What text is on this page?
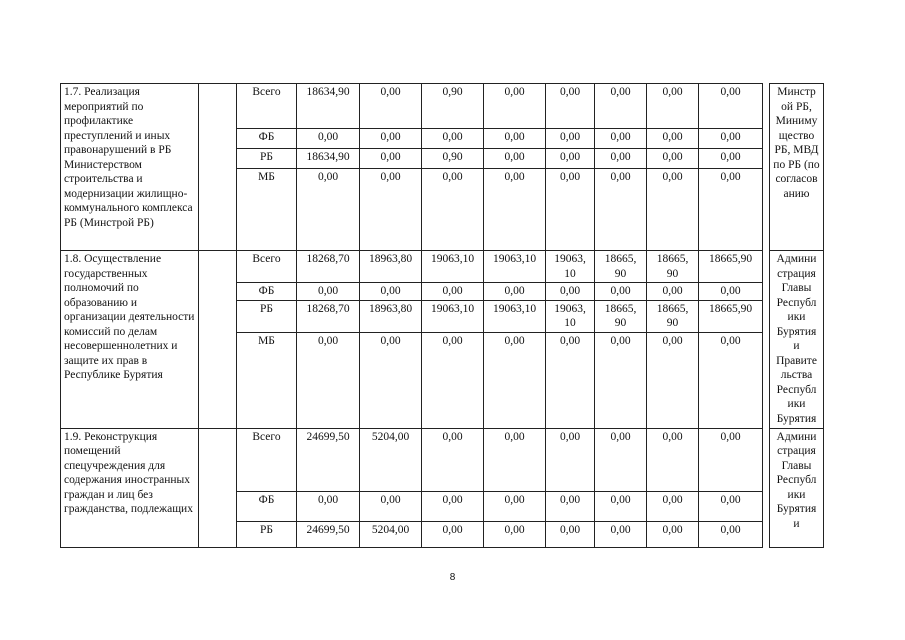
1.7. Реализация мероприятий по профилактике преступлений и иных правонарушений в РБ Министерством строительства и модернизации жилищно-коммунального комплекса РБ (Минстрой РБ)		Всего	18634,90	0,00	0,90	0,00	0,00	0,00	0,00	0,00		Минстр ой РБ, Миниму щество РБ, МВД по РБ (по согласов анию
		ФБ	0,00	0,00	0,00	0,00	0,00	0,00	0,00	0,00		
		РБ	18634,90	0,00	0,90	0,00	0,00	0,00	0,00	0,00		
		МБ	0,00	0,00	0,00	0,00	0,00	0,00	0,00	0,00		
1.8. Осуществление государственных полномочий по образованию и организации деятельности комиссий по делам несовершеннолетних и защите их прав в Республике Бурятия		Всего	18268,70	18963,80	19063,10	19063,10	19063, 10	18665, 90	18665, 90	18665,90		Админи страция Главы Республ ики Бурятия и Правите льства Республ ики Бурятия
		ФБ	0,00	0,00	0,00	0,00	0,00	0,00	0,00	0,00		
		РБ	18268,70	18963,80	19063,10	19063,10	19063, 10	18665, 90	18665, 90	18665,90		
		МБ	0,00	0,00	0,00	0,00	0,00	0,00	0,00	0,00		
1.9. Реконструкция помещений спецучреждения для содержания иностранных граждан и лиц без гражданства, подлежащих		Всего	24699,50	5204,00	0,00	0,00	0,00	0,00	0,00	0,00		Админи страция Главы Республ ики Бурятия и
		ФБ	0,00	0,00	0,00	0,00	0,00	0,00	0,00	0,00		
		РБ	24699,50	5204,00	0,00	0,00	0,00	0,00	0,00	0,00		
8
